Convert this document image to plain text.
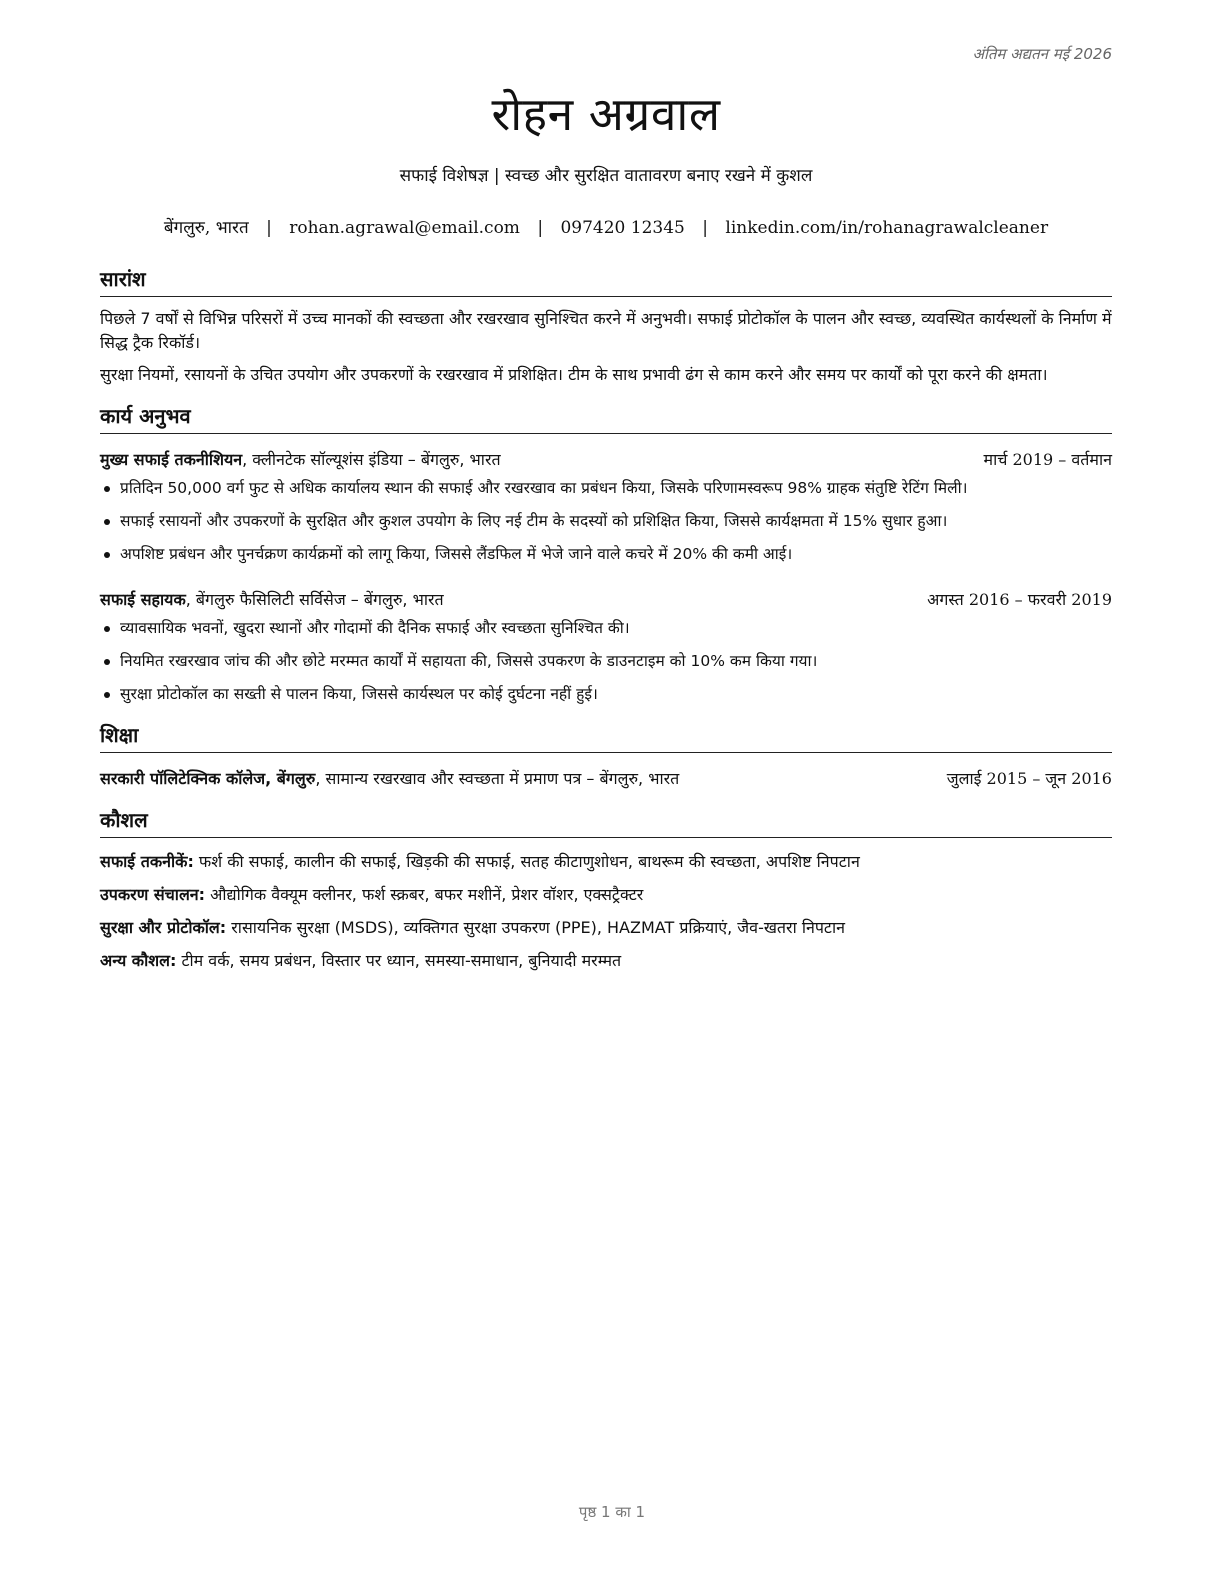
अंतिम अद्यतन मई 2026
रोहन अग्रवाल
सफाई विशेषज्ञ | स्वच्छ और सुरक्षित वातावरण बनाए रखने में कुशल
बेंगलुरु, भारत | rohan.agrawal@email.com | 097420 12345 | linkedin.com/in/rohanagrawalcleaner
सारांश
पिछले 7 वर्षों से विभिन्न परिसरों में उच्च मानकों की स्वच्छता और रखरखाव सुनिश्चित करने में अनुभवी। सफाई प्रोटोकॉल के पालन और स्वच्छ, व्यवस्थित कार्यस्थलों के निर्माण में सिद्ध ट्रैक रिकॉर्ड।
सुरक्षा नियमों, रसायनों के उचित उपयोग और उपकरणों के रखरखाव में प्रशिक्षित। टीम के साथ प्रभावी ढंग से काम करने और समय पर कार्यों को पूरा करने की क्षमता।
कार्य अनुभव
मुख्य सफाई तकनीशियन, क्लीनटेक सॉल्यूशंस इंडिया – बेंगलुरु, भारत	मार्च 2019 – वर्तमान
प्रतिदिन 50,000 वर्ग फुट से अधिक कार्यालय स्थान की सफाई और रखरखाव का प्रबंधन किया, जिसके परिणामस्वरूप 98% ग्राहक संतुष्टि रेटिंग मिली।
सफाई रसायनों और उपकरणों के सुरक्षित और कुशल उपयोग के लिए नई टीम के सदस्यों को प्रशिक्षित किया, जिससे कार्यक्षमता में 15% सुधार हुआ।
अपशिष्ट प्रबंधन और पुनर्चक्रण कार्यक्रमों को लागू किया, जिससे लैंडफिल में भेजे जाने वाले कचरे में 20% की कमी आई।
सफाई सहायक, बेंगलुरु फैसिलिटी सर्विसेज – बेंगलुरु, भारत	अगस्त 2016 – फरवरी 2019
व्यावसायिक भवनों, खुदरा स्थानों और गोदामों की दैनिक सफाई और स्वच्छता सुनिश्चित की।
नियमित रखरखाव जांच की और छोटे मरम्मत कार्यों में सहायता की, जिससे उपकरण के डाउनटाइम को 10% कम किया गया।
सुरक्षा प्रोटोकॉल का सख्ती से पालन किया, जिससे कार्यस्थल पर कोई दुर्घटना नहीं हुई।
शिक्षा
सरकारी पॉलिटेक्निक कॉलेज, बेंगलुरु, सामान्य रखरखाव और स्वच्छता में प्रमाण पत्र – बेंगलुरु, भारत	जुलाई 2015 – जून 2016
कौशल
सफाई तकनीकें: फर्श की सफाई, कालीन की सफाई, खिड़की की सफाई, सतह कीटाणुशोधन, बाथरूम की स्वच्छता, अपशिष्ट निपटान
उपकरण संचालन: औद्योगिक वैक्यूम क्लीनर, फर्श स्क्रबर, बफर मशीनें, प्रेशर वॉशर, एक्सट्रैक्टर
सुरक्षा और प्रोटोकॉल: रासायनिक सुरक्षा (MSDS), व्यक्तिगत सुरक्षा उपकरण (PPE), HAZMAT प्रक्रियाएं, जैव-खतरा निपटान
अन्य कौशल: टीम वर्क, समय प्रबंधन, विस्तार पर ध्यान, समस्या-समाधान, बुनियादी मरम्मत
पृष्ठ 1 का 1
